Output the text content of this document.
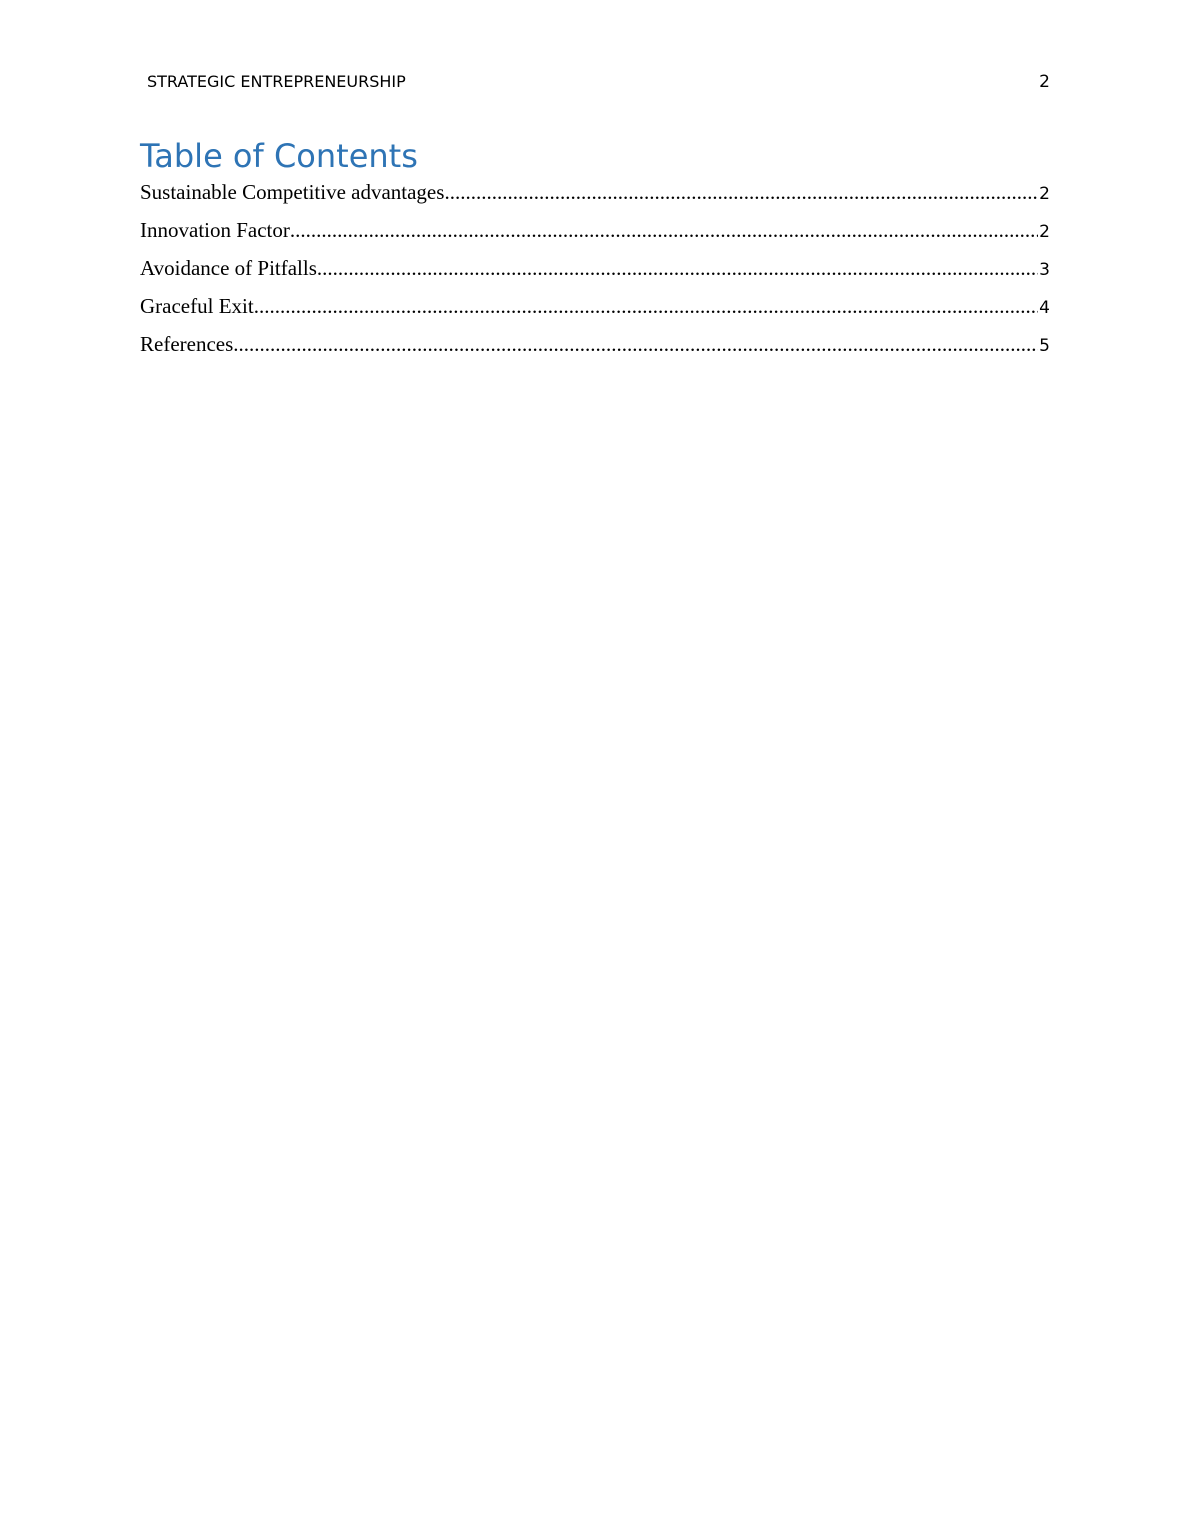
STRATEGIC ENTREPRENEURSHIP	2
Table of Contents
Sustainable Competitive advantages .....	2
Innovation Factor .....	2
Avoidance of Pitfalls .....	3
Graceful Exit .....	4
References .....	5
